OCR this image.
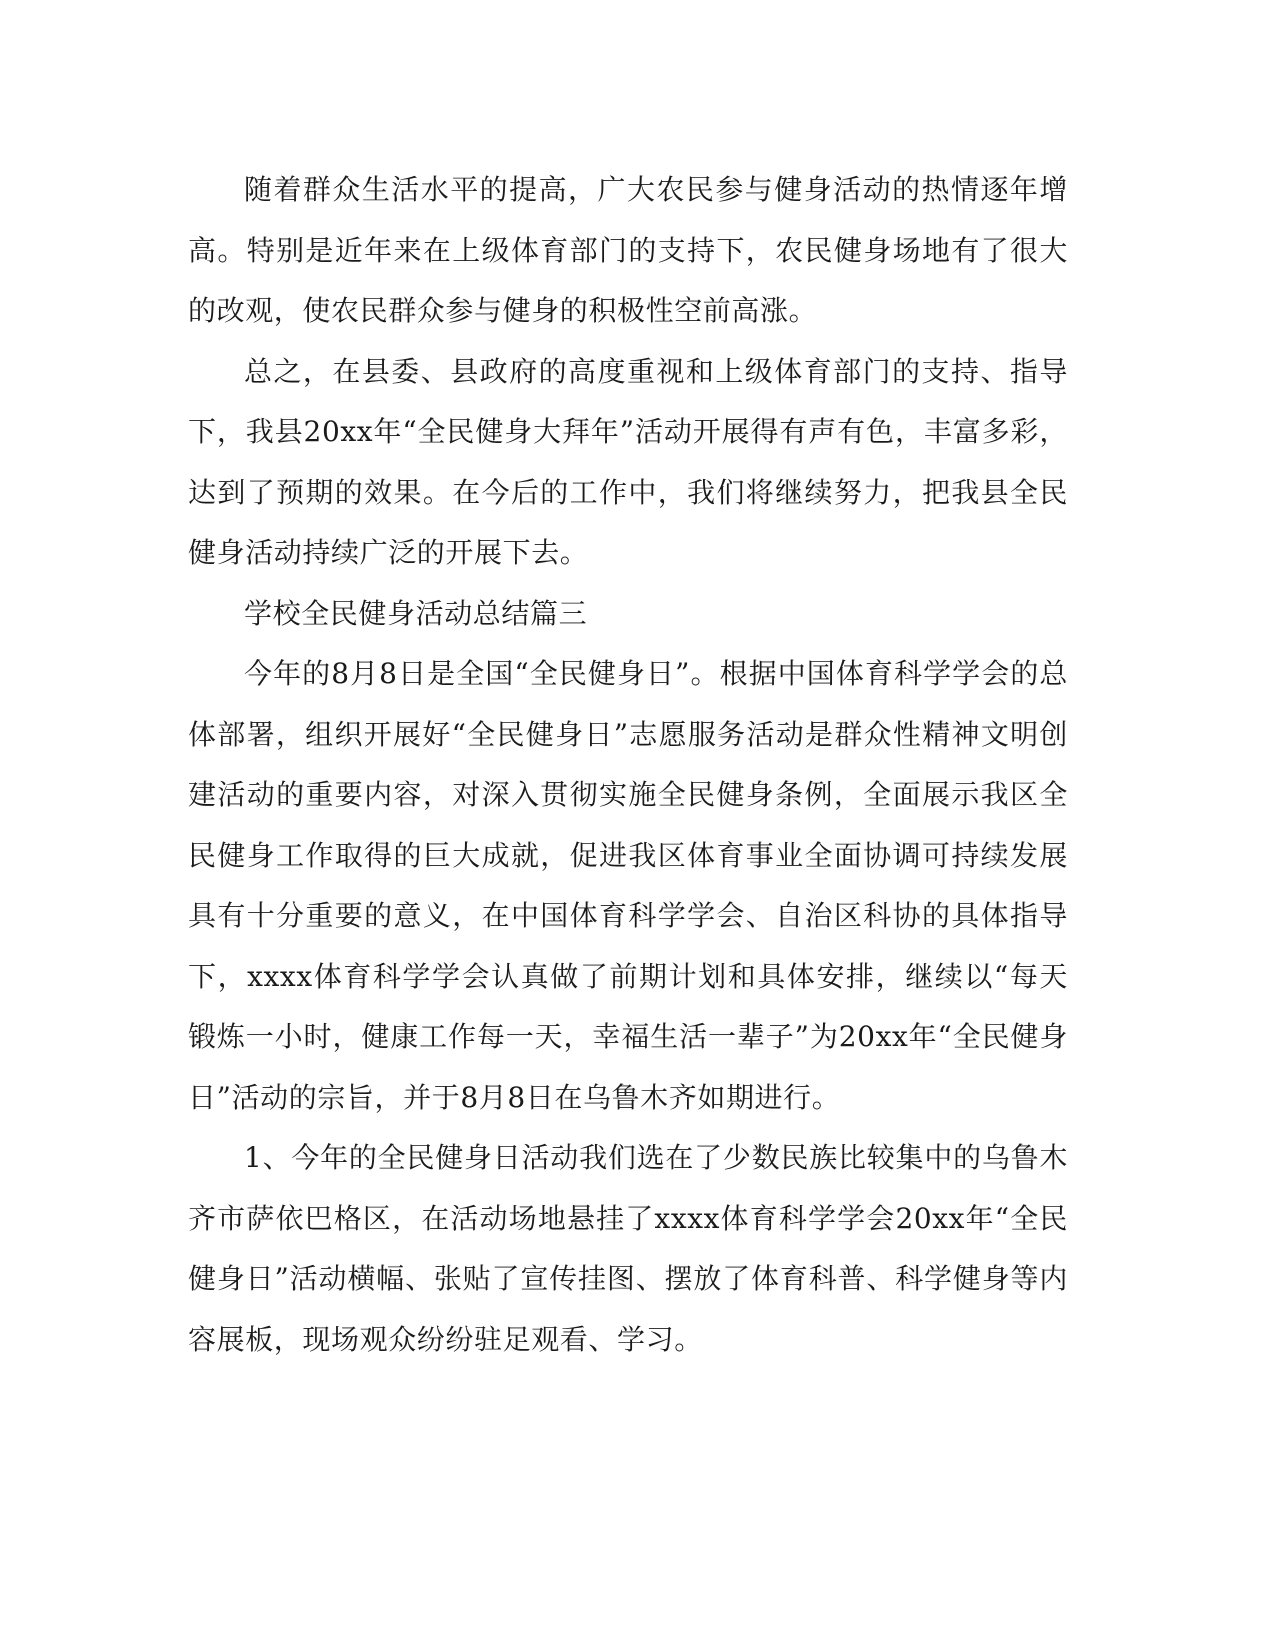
随着群众生活水平的提高，广大农民参与健身活动的热情逐年增高。特别是近年来在上级体育部门的支持下，农民健身场地有了很大的改观，使农民群众参与健身的积极性空前高涨。

总之，在县委、县政府的高度重视和上级体育部门的支持、指导下，我县20xx年“全民健身大拜年”活动开展得有声有色，丰富多彩，达到了预期的效果。在今后的工作中，我们将继续努力，把我县全民健身活动持续广泛的开展下去。

学校全民健身活动总结篇三

今年的8月8日是全国“全民健身日”。根据中国体育科学学会的总体部署，组织开展好“全民健身日”志愿服务活动是群众性精神文明创建活动的重要内容，对深入贯彻实施全民健身条例，全面展示我区全民健身工作取得的巨大成就，促进我区体育事业全面协调可持续发展具有十分重要的意义，在中国体育科学学会、自治区科协的具体指导下，xxxx体育科学学会认真做了前期计划和具体安排，继续以“每天锻炼一小时，健康工作每一天，幸福生活一辈子”为20xx年“全民健身日”活动的宗旨，并于8月8日在乌鲁木齐如期进行。

1、今年的全民健身日活动我们选在了少数民族比较集中的乌鲁木齐市萨依巴格区，在活动场地悬挂了xxxx体育科学学会20xx年“全民健身日”活动横幅、张贴了宣传挂图、摆放了体育科普、科学健身等内容展板，现场观众纷纷驻足观看、学习。
